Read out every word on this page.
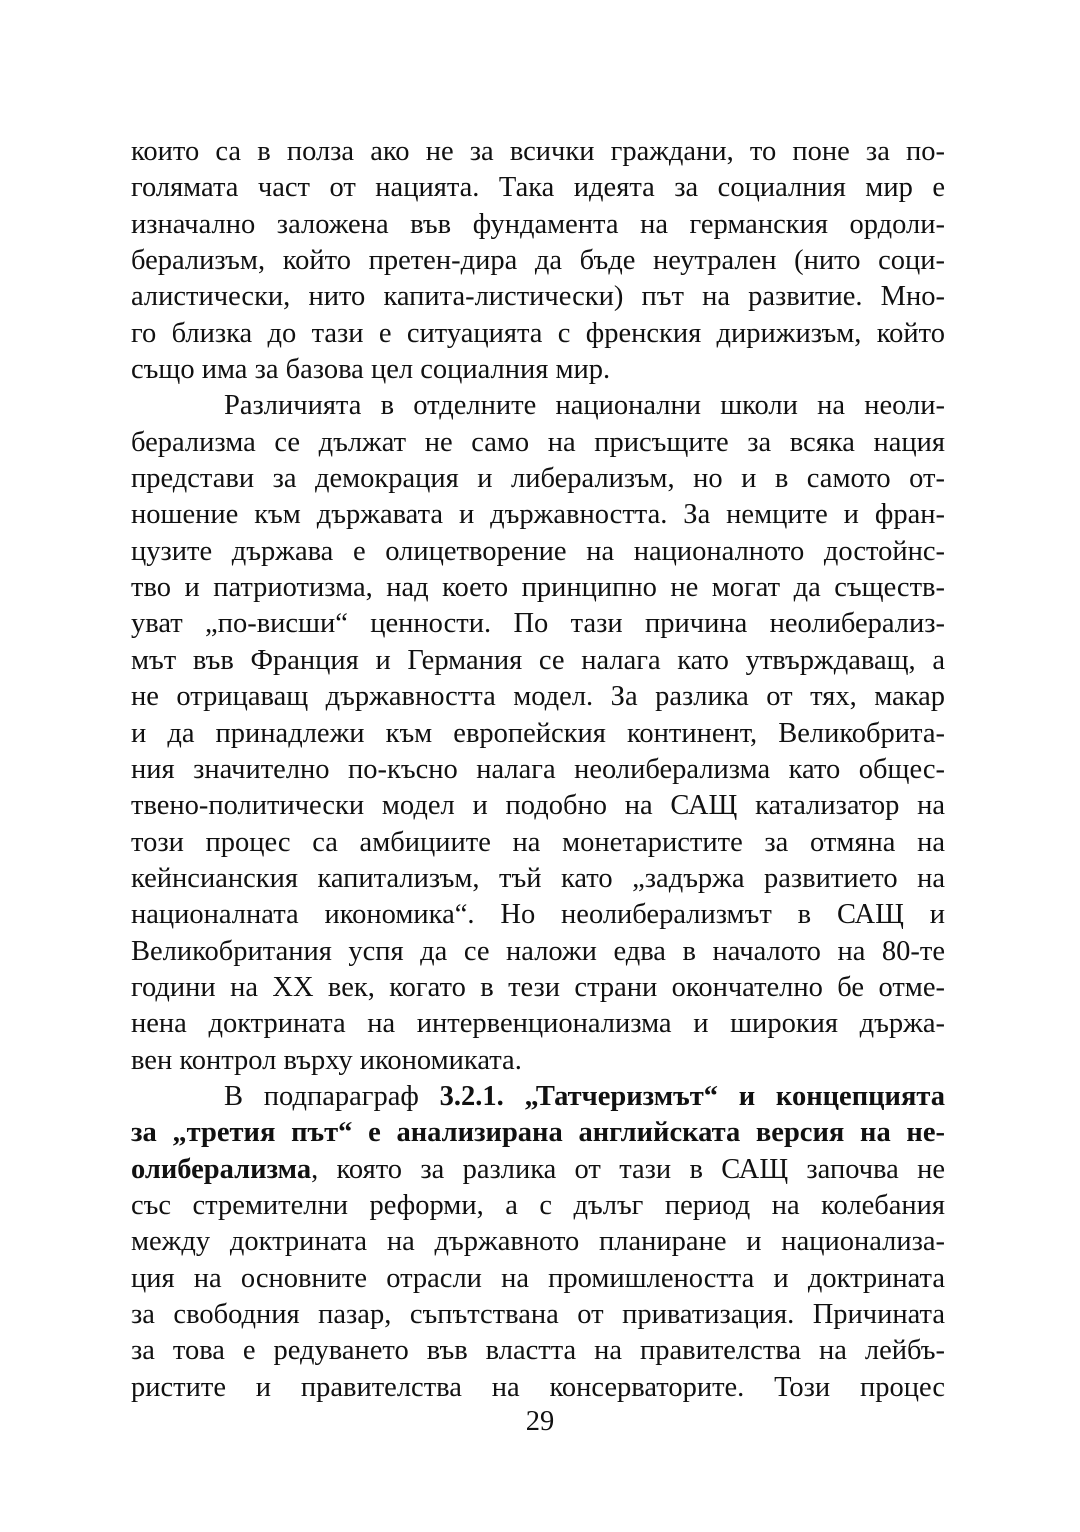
които са в полза ако не за всички граждани, то поне за по-
голямата част от нацията. Така идеята за социалния мир е
изначално заложена във фундамента на германския ордоли-
берализъм, който претен-дира да бъде неутрален (нито соци-
алистически, нито капита-листически) път на развитие. Мно-
го близка до тази е ситуацията с френския дирижизъм, който
също има за базова цел социалния мир.
Различията в отделните национални школи на неоли-
берализма се дължат не само на присъщите за всяка нация
представи за демокрация и либерализъм, но и в самото от-
ношение към държавата и държавността. За немците и фран-
цузите държава е олицетворение на националното достойнс-
тво и патриотизма, над което принципно не могат да съществ-
уват „по-висши“ ценности. По тази причина неолиберализ-
мът във Франция и Германия се налага като утвърждаващ, а
не отрицаващ държавността модел. За разлика от тях, макар
и да принадлежи към европейския континент, Великобрита-
ния значително по-късно налага неолиберализма като общес-
твено-политически модел и подобно на САЩ катализатор на
този процес са амбициите на монетаристите за отмяна на
кейнсианския капитализъм, тъй като „задържа развитието на
националната икономика“. Но неолиберализмът в САЩ и
Великобритания успя да се наложи едва в началото на 80-те
години на XX век, когато в тези страни окончателно бе отме-
нена доктрината на интервенционализма и широкия държа-
вен контрол върху икономиката.
В подпараграф 3.2.1. „Татчеризмът“ и концепцията
за „третия път“ е анализирана английската версия на не-
олиберализма, която за разлика от тази в САЩ започва не
със стремителни реформи, а с дълъг период на колебания
между доктрината на държавното планиране и национализа-
ция на основните отрасли на промишлеността и доктрината
за свободния пазар, съпътствана от приватизация. Причината
за това е редуването във властта на правителства на лейбъ-
ристите и правителства на консерваторите. Този процес
29
